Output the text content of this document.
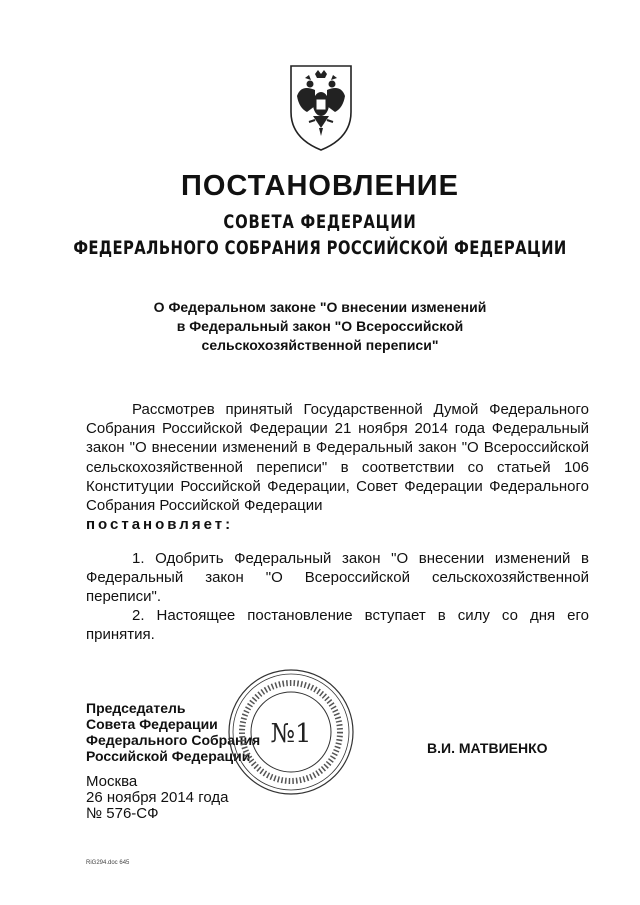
ПОСТАНОВЛЕНИЕ
СОВЕТА ФЕДЕРАЦИИ
ФЕДЕРАЛЬНОГО СОБРАНИЯ РОССИЙСКОЙ ФЕДЕРАЦИИ
О Федеральном законе "О внесении изменений
в Федеральный закон "О Всероссийской
сельскохозяйственной переписи"
Рассмотрев принятый Государственной Думой Федерального Собрания Российской Федерации 21 ноября 2014 года Федеральный закон "О внесении изменений в Федеральный закон "О Всероссийской сельскохозяйственной переписи" в соответствии со статьей 106 Конституции Российской Федерации, Совет Федерации Федерального Собрания Российской Федерации
постановляет:
1. Одобрить Федеральный закон "О внесении изменений в Федеральный закон "О Всероссийской сельскохозяйственной переписи".
2. Настоящее постановление вступает в силу со дня его принятия.
Председатель
Совета Федерации
Федерального Собрания
Российской Федерации
№1	В.И. МАТВИЕНКО
Москва
26 ноября 2014 года
№ 576-СФ
RiG294.doc 645
